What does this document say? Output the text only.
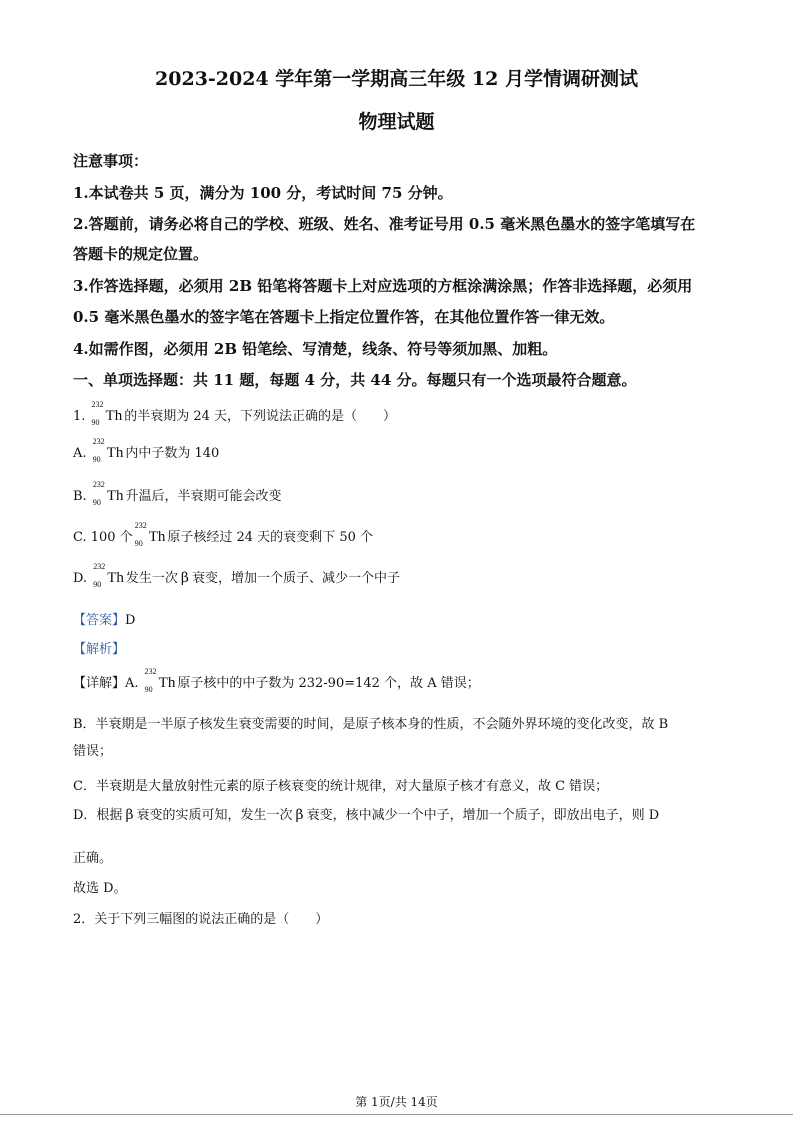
2023-2024 学年第一学期高三年级 12 月学情调研测试
物理试题
注意事项：
1.本试卷共 5 页，满分为 100 分，考试时间 75 分钟。
2.答题前，请务必将自己的学校、班级、姓名、准考证号用 0.5 毫米黑色墨水的签字笔填写在
答题卡的规定位置。
3.作答选择题，必须用 2B 铅笔将答题卡上对应选项的方框涂满涂黑；作答非选择题，必须用
0.5 毫米黑色墨水的签字笔在答题卡上指定位置作答，在其他位置作答一律无效。
4.如需作图，必须用 2B 铅笔绘、写清楚，线条、符号等须加黑、加粗。
一、单项选择题：共 11 题，每题 4 分，共 44 分。每题只有一个选项最符合题意。
1.
232
90 Th 的半衰期为 24 天，下列说法正确的是（　　）
A.
232
90 Th 内中子数为 140
B.
232
90 Th 升温后，半衰期可能会改变
C. 100 个
232
90 Th 原子核经过 24 天的衰变剩下 50 个
D.
232
90 Th 发生一次 β 衰变，增加一个质子、减少一个中子
【答案】D
【解析】
【详解】A.
232
90 Th 原子核中的中子数为 232-90=142 个，故 A 错误；
B．半衰期是一半原子核发生衰变需要的时间，是原子核本身的性质，不会随外界环境的变化改变，故 B
错误；
C．半衰期是大量放射性元素的原子核衰变的统计规律，对大量原子核才有意义，故 C 错误；
D．根据 β 衰变的实质可知，发生一次 β 衰变，核中减少一个中子，增加一个质子，即放出电子，则 D
正确。
故选 D。
2．关于下列三幅图的说法正确的是（　　）
第 1页/共 14页
